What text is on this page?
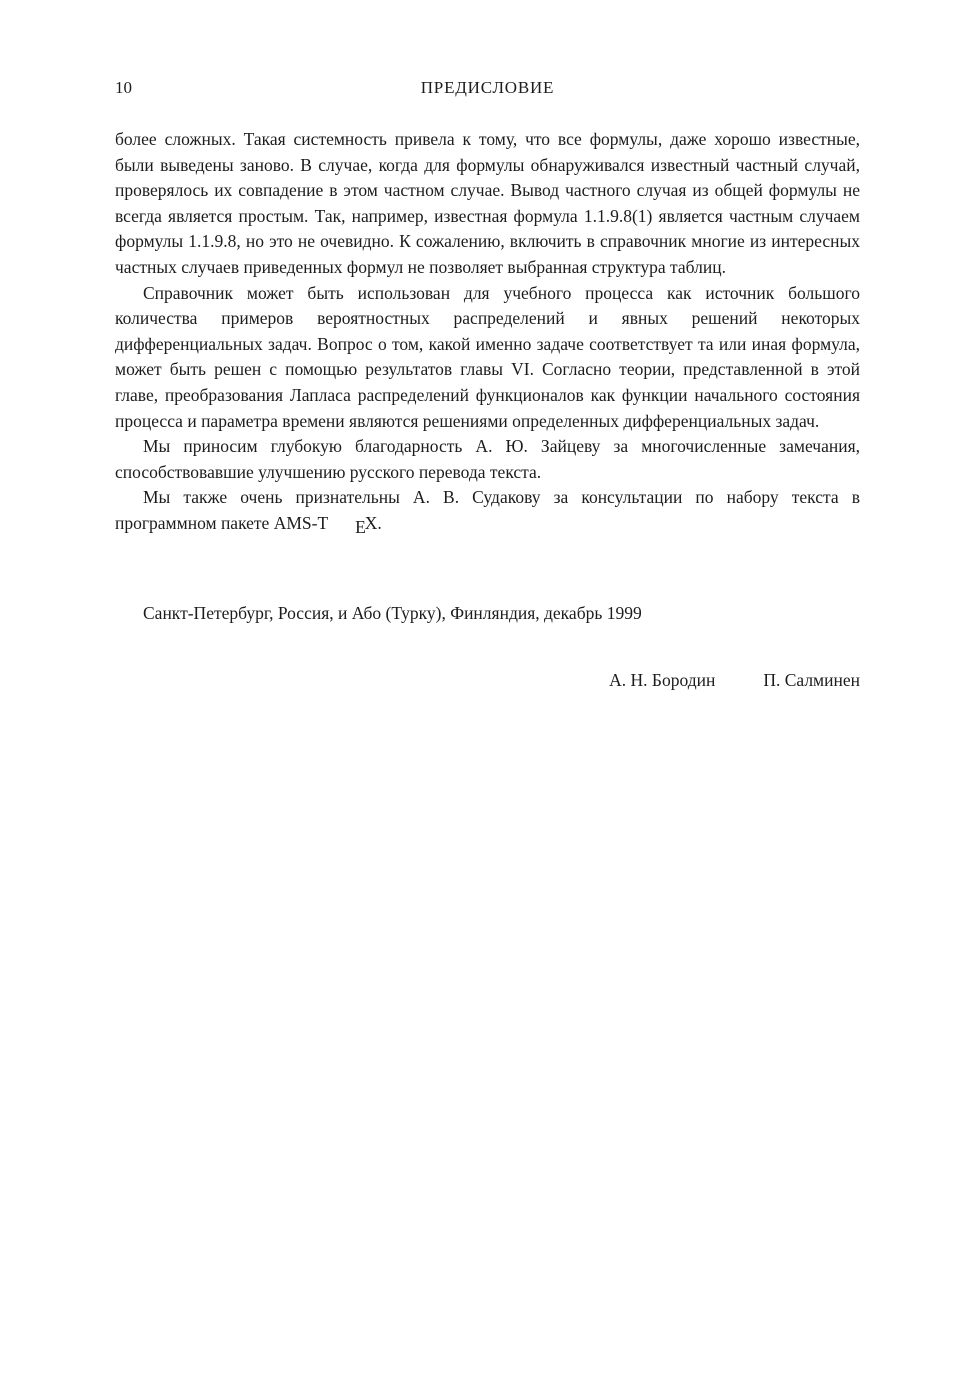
10	ПРЕДИСЛОВИЕ

более сложных. Такая системность привела к тому, что все формулы, даже хорошо известные, были выведены заново. В случае, когда для формулы обнаруживался известный частный случай, проверялось их совпадение в этом частном случае. Вывод частного случая из общей формулы не всегда является простым. Так, например, известная формула 1.1.9.8(1) является частным случаем формулы 1.1.9.8, но это не очевидно. К сожалению, включить в справочник многие из интересных частных случаев приведенных формул не позволяет выбранная структура таблиц.

Справочник может быть использован для учебного процесса как источник большого количества примеров вероятностных распределений и явных решений некоторых дифференциальных задач. Вопрос о том, какой именно задаче соответствует та или иная формула, может быть решен с помощью результатов главы VI. Согласно теории, представленной в этой главе, преобразования Лапласа распределений функционалов как функции начального состояния процесса и параметра времени являются решениями определенных дифференциальных задач.

Мы приносим глубокую благодарность А. Ю. Зайцеву за многочисленные замечания, способствовавшие улучшению русского перевода текста.

Мы также очень признательны А. В. Судакову за консультации по набору текста в программном пакете AMS-T EX.

Санкт-Петербург, Россия, и Або (Турку), Финляндия, декабрь 1999

А. Н. Бородин	П. Салминен
